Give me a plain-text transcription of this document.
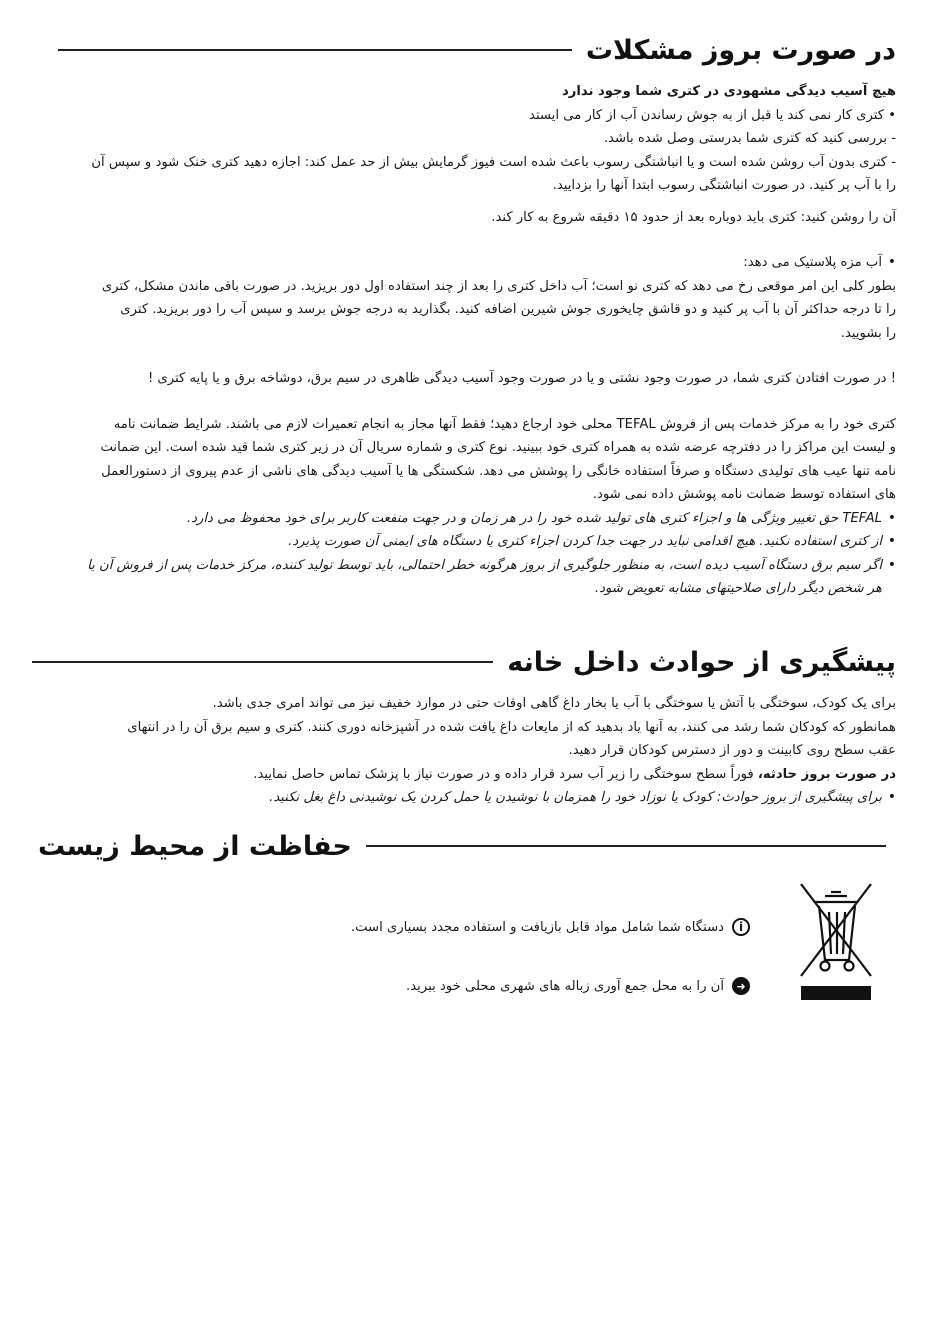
در صورت بروز مشکلات

هیچ آسیب دیدگی مشهودی در کتری شما وجود ندارد

• کتری کار نمی کند یا قبل از به جوش رساندن آب از کار می ایستد

- بررسی کنید که کتری شما بدرستی وصل شده باشد.

- کتری بدون آب روشن شده است و یا انباشتگی رسوب باعث شده است فیوز گرمایش بیش از حد عمل کند: اجازه دهید کتری خنک شود و سپس آن

را با آب پر کنید. در صورت انباشتگی رسوب ابتدا آنها را بزدایید.

آن را روشن کنید: کتری باید دوباره بعد از حدود ۱۵ دقیقه شروع به کار کند.

• آب مزه پلاستیک می دهد:

بطور کلی این امر موقعی رخ می دهد که کتری نو است؛ آب داخل کتری را بعد از چند استفاده اول دور بریزید. در صورت باقی ماندن مشکل، کتری

را تا درجه حداکثر آن با آب پر کنید و دو قاشق چایخوری جوش شیرین اضافه کنید. بگذارید به درجه جوش برسد و سپس آب را دور بریزید. کتری

را بشویید.

! در صورت افتادن کتری شما، در صورت وجود نشتی و یا در صورت وجود آسیب دیدگی ظاهری در سیم برق، دوشاخه برق و یا پایه کتری !

کتری خود را به مرکز خدمات پس از فروش TEFAL محلی خود ارجاع دهید؛ فقط آنها مجاز به انجام تعمیرات لازم می باشند. شرایط ضمانت نامه

و لیست این مراکز را در دفترچه عرضه شده به همراه کتری خود ببینید. نوع کتری و شماره سریال آن در زیر کتری شما قید شده است. این ضمانت

نامه تنها عیب های تولیدی دستگاه و صرفاً استفاده خانگی را پوشش می دهد. شکستگی ها یا آسیب دیدگی های ناشی از عدم پیروی از دستورالعمل

های استفاده توسط ضمانت نامه پوشش داده نمی شود.

• TEFAL حق تغییر ویژگی ها و اجزاء کتری های تولید شده خود را در هر زمان و در جهت منفعت کاربر برای خود محفوظ می دارد.
• از کتری استفاده نکنید. هیچ اقدامی نباید در جهت جدا کردن اجزاء کتری یا دستگاه های ایمنی آن صورت پذیرد.
• اگر سیم برق دستگاه آسیب دیده است، به منظور جلوگیری از بروز هرگونه خطر احتمالی، باید توسط تولید کننده، مرکز خدمات پس از فروش آن یا

هر شخص دیگر دارای صلاحیتهای مشابه تعویض شود.

پیشگیری از حوادث داخل خانه

برای یک کودک، سوختگی با آتش یا سوختگی با آب یا بخار داغ گاهی اوقات حتی در موارد خفیف نیز می تواند امری جدی باشد.

همانطور که کودکان شما رشد می کنند، به آنها یاد بدهید که از مایعات داغ یافت شده در آشپزخانه دوری کنند. کتری و سیم برق آن را در انتهای

عقب سطح روی کابینت و دور از دسترس کودکان قرار دهید.

در صورت بروز حادثه، فوراً سطح سوختگی را زیر آب سرد قرار داده و در صورت نیاز با پزشک تماس حاصل نمایید.

• برای پیشگیری از بروز حوادث: کودک یا نوزاد خود را همزمان با نوشیدن یا حمل کردن یک نوشیدنی داغ بغل نکنید.
حفاظت از محیط زیست
i
دستگاه شما شامل مواد قابل بازیافت و استفاده مجدد بسیاری است.
➜
آن را به محل جمع آوری زباله های شهری محلی خود ببرید.
